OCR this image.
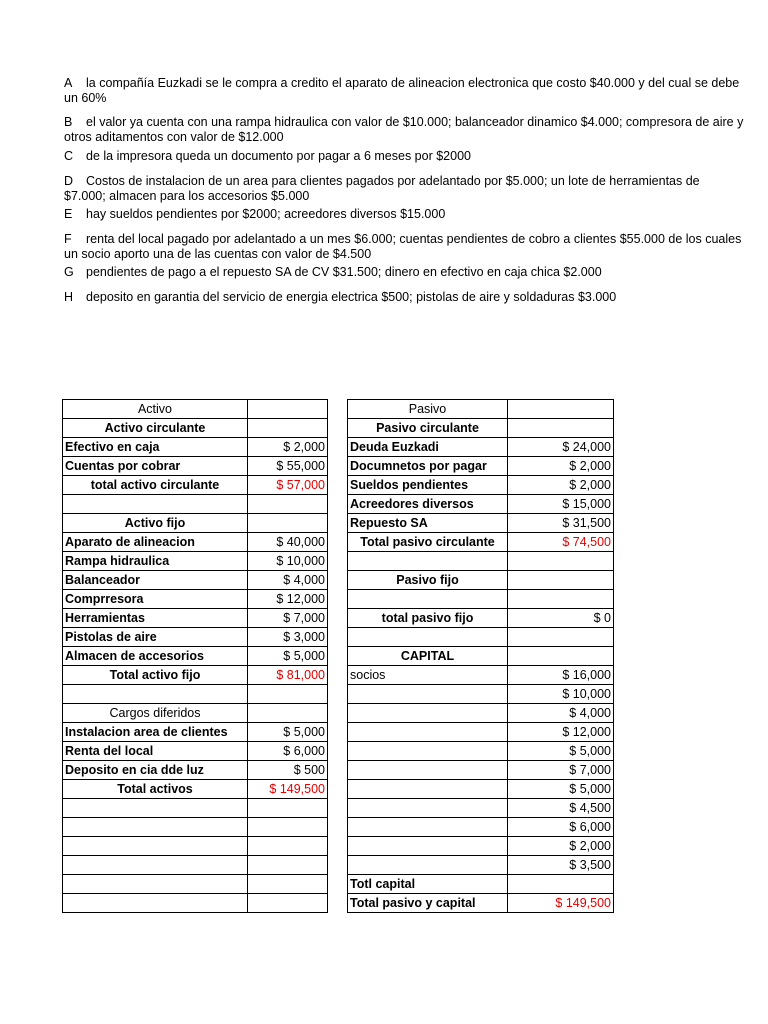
A la compañía Euzkadi se le compra a credito el aparato de alineacion electronica que costo $40.000 y del cual se debe un 60%
B el valor ya cuenta con una rampa hidraulica con valor de $10.000; balanceador dinamico $4.000; compresora de aire y otros aditamentos con valor de $12.000
C de la impresora queda un documento por pagar a 6 meses por $2000
D Costos de instalacion de un area para clientes pagados por adelantado por $5.000; un lote de herramientas de $7.000; almacen para los accesorios $5.000
E hay sueldos pendientes por $2000; acreedores diversos $15.000
F renta del local pagado por adelantado a un mes $6.000; cuentas pendientes de cobro a clientes $55.000 de los cuales un socio aporto una de las cuentas con valor de $4.500
G pendientes de pago a el repuesto SA de CV $31.500; dinero en efectivo en caja chica $2.000
H deposito en garantia del servicio de energia electrica $500; pistolas de aire y soldaduras $3.000
Activo			Pasivo	
Activo circulante			Pasivo circulante	
Efectivo en caja	$ 2,000		Deuda Euzkadi	$ 24,000
Cuentas por cobrar	$ 55,000		Documnetos por pagar	$ 2,000
total activo circulante	$ 57,000		Sueldos pendientes	$ 2,000
			Acreedores diversos	$ 15,000
Activo fijo			Repuesto SA	$ 31,500
Aparato de alineacion	$ 40,000		Total pasivo circulante	$ 74,500
Rampa hidraulica	$ 10,000			
Balanceador	$ 4,000		Pasivo fijo	
Comprresora	$ 12,000			
Herramientas	$ 7,000		total pasivo fijo	$ 0
Pistolas de aire	$ 3,000			
Almacen de accesorios	$ 5,000		CAPITAL	
Total activo fijo	$ 81,000		socios	$ 16,000
				$ 10,000
Cargos diferidos				$ 4,000
Instalacion area de clientes	$ 5,000			$ 12,000
Renta del local	$ 6,000			$ 5,000
Deposito en cia dde luz	$ 500			$ 7,000
Total activos	$ 149,500			$ 5,000
				$ 4,500
				$ 6,000
				$ 2,000
				$ 3,500
			Totl capital	
			Total pasivo y capital	$ 149,500
